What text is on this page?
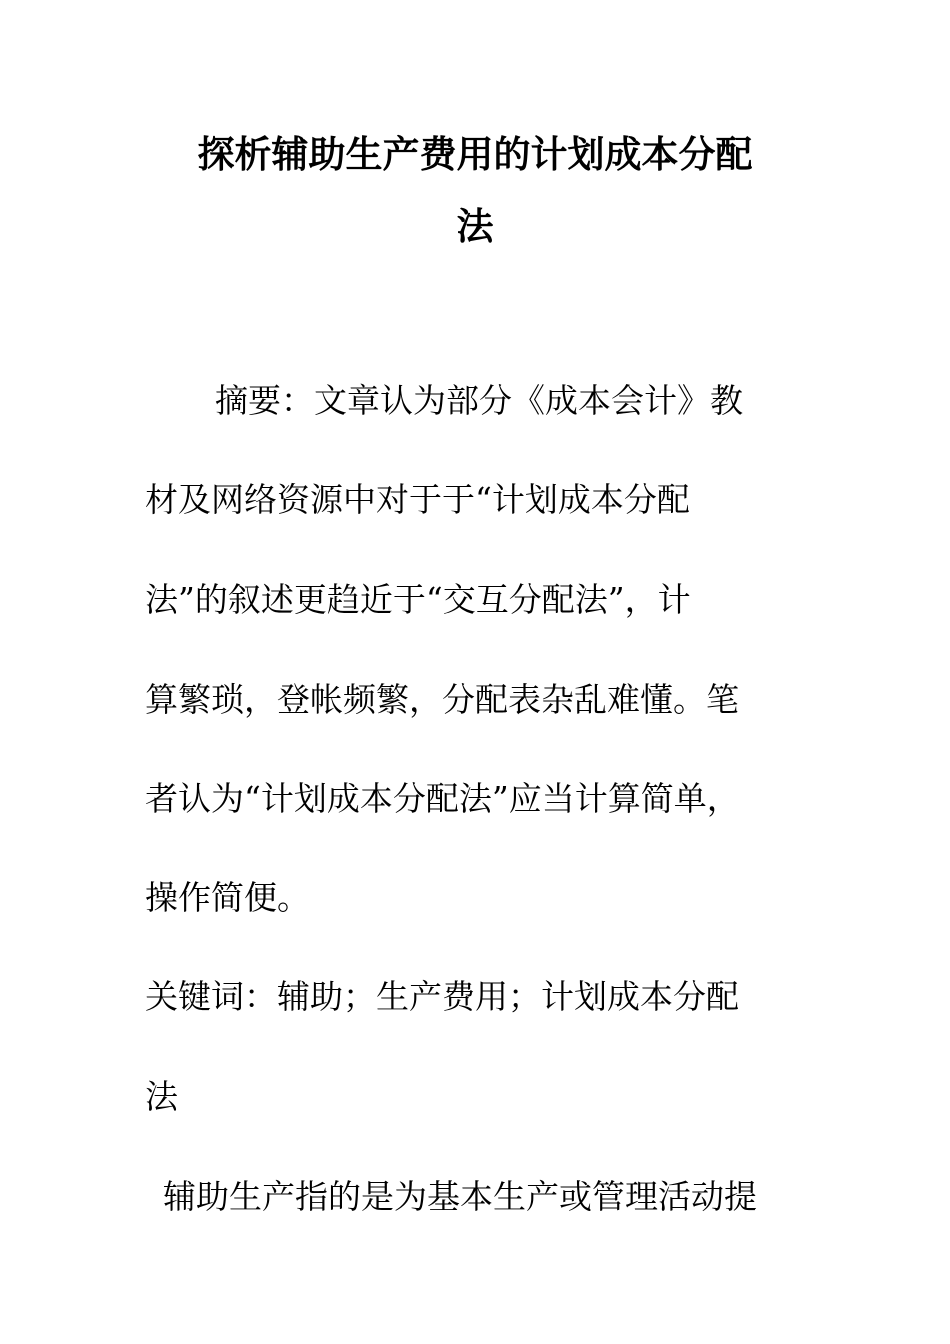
探析辅助生产费用的计划成本分配
法
摘要：文章认为部分《成本会计》教
材及网络资源中对于于“计划成本分配
法”的叙述更趋近于“交互分配法”，计
算繁琐，登帐频繁，分配表杂乱难懂。笔
者认为“计划成本分配法”应当计算简单，
操作简便。
关键词：辅助；生产费用；计划成本分配
法
辅助生产指的是为基本生产或管理活动提
